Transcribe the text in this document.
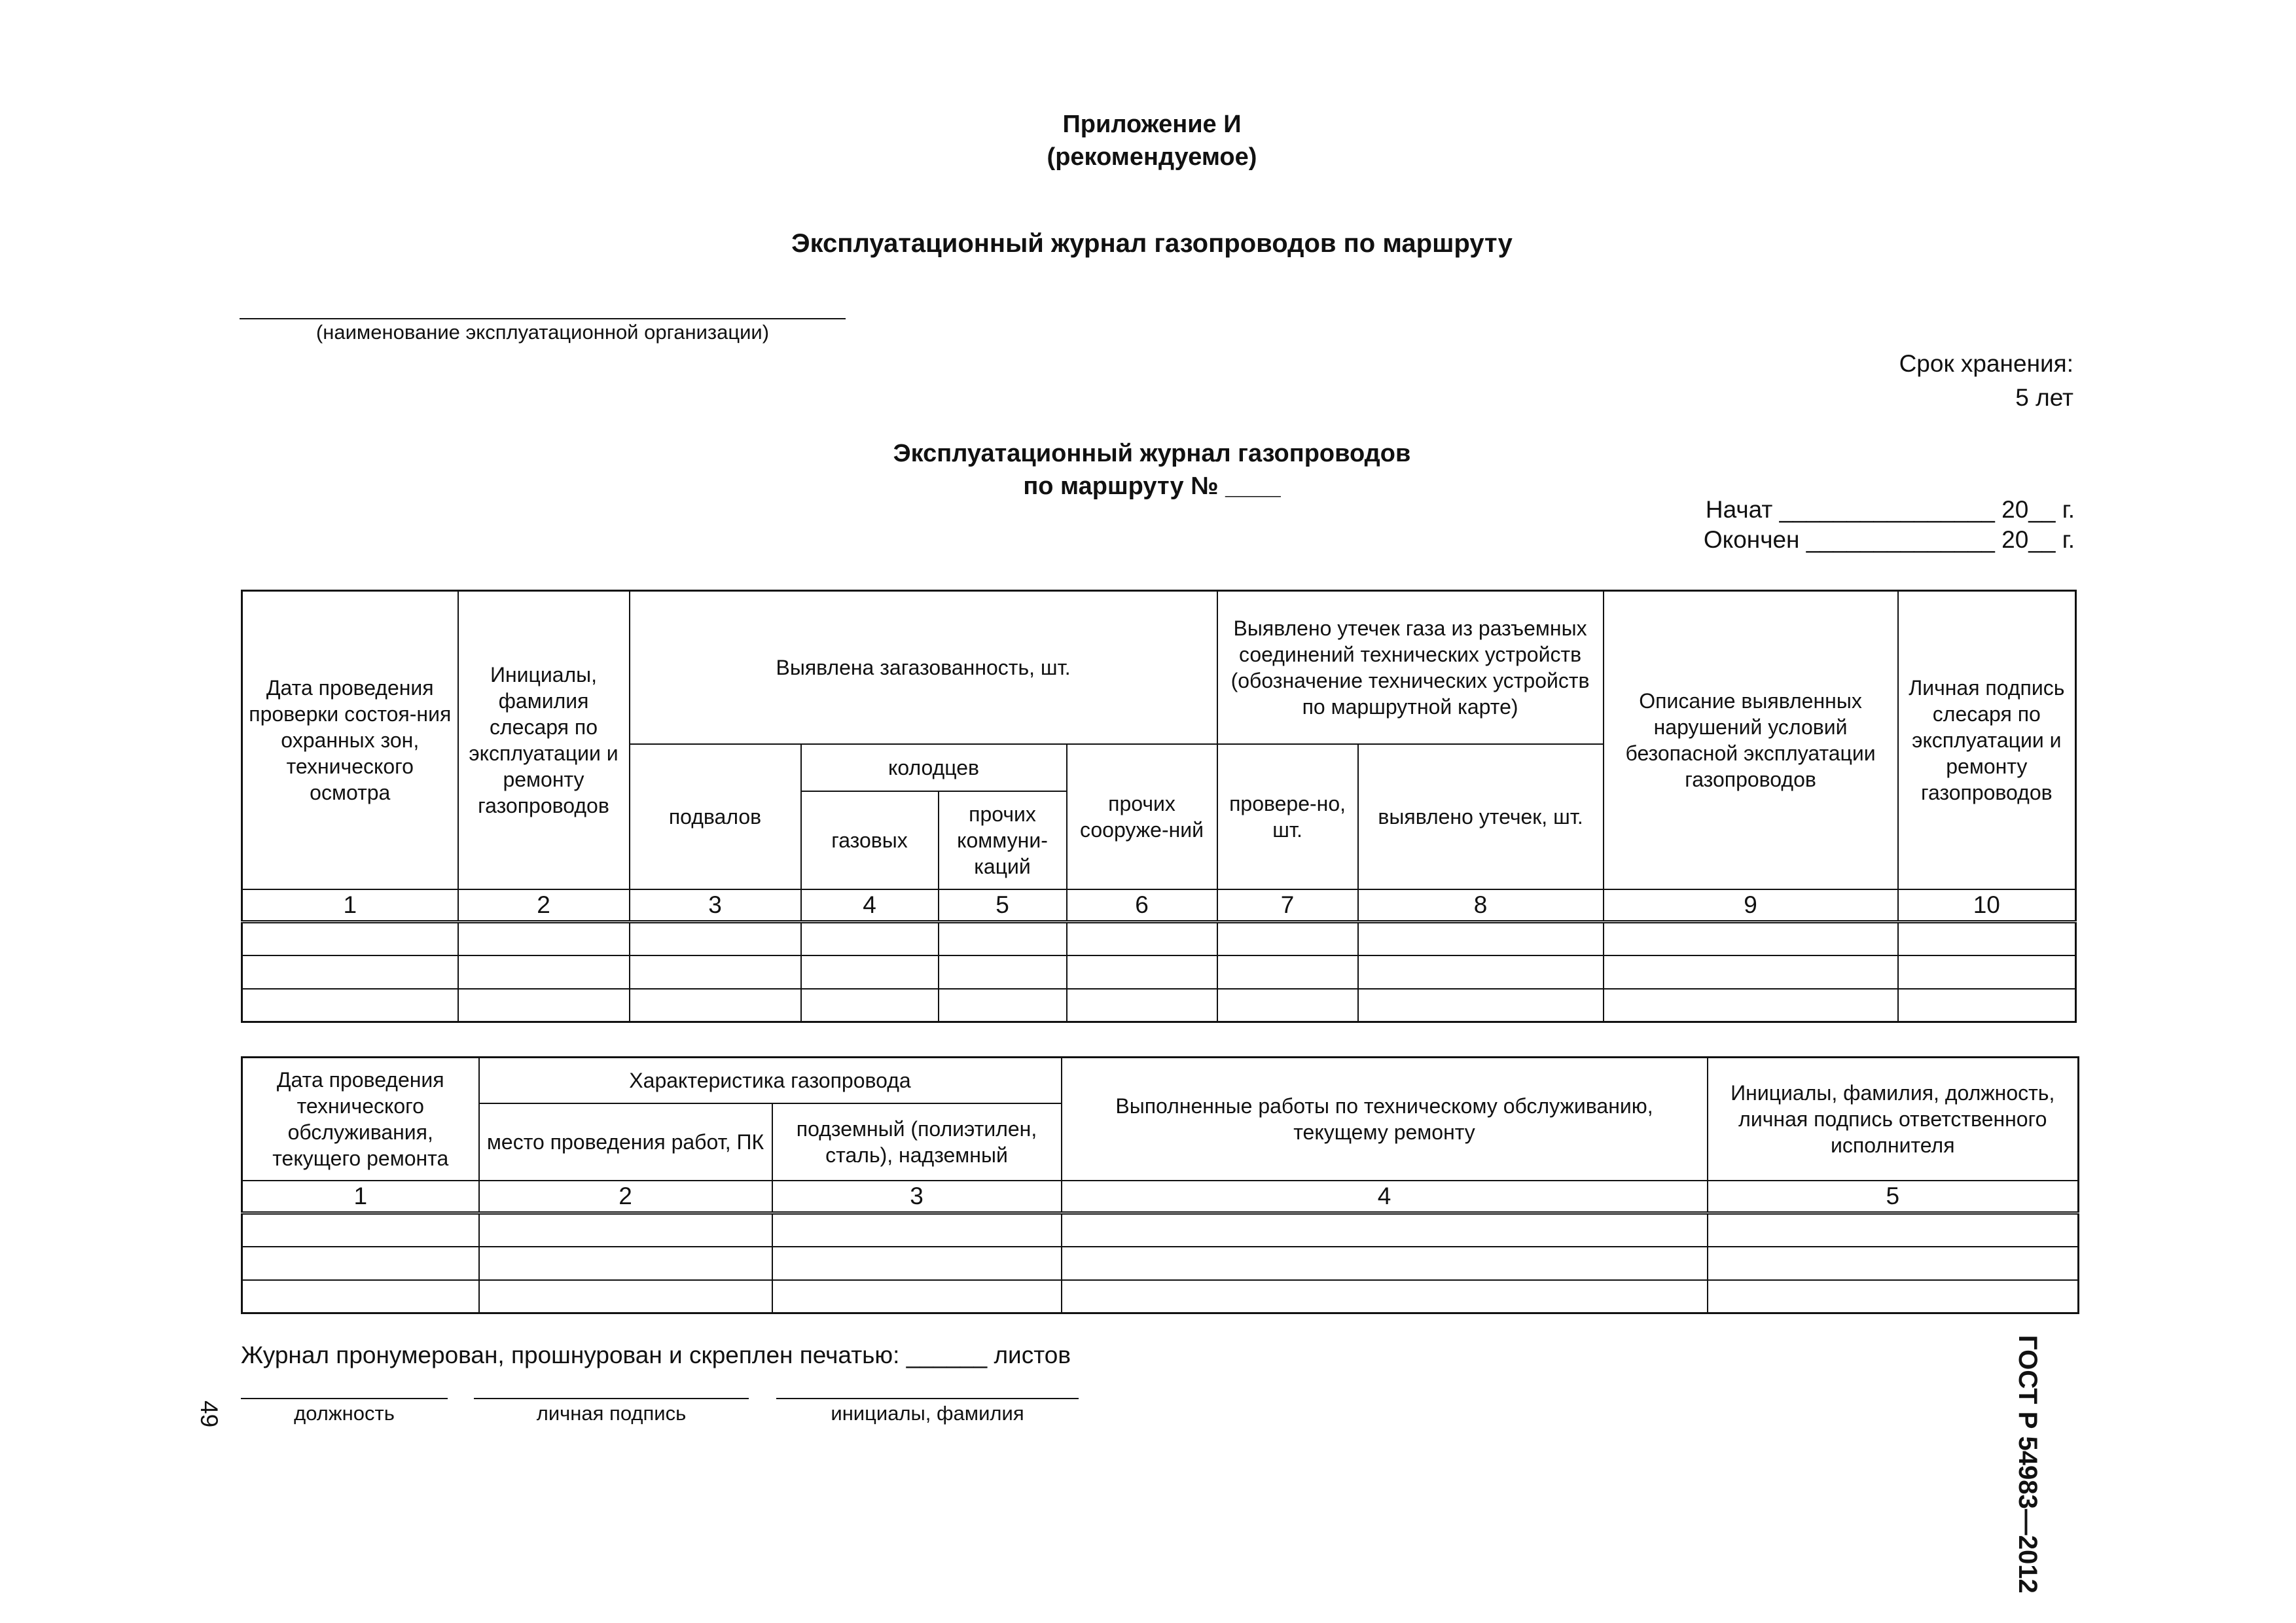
Приложение И
(рекомендуемое)
Эксплуатационный журнал газопроводов по маршруту
(наименование эксплуатационной организации)
Срок хранения:
5 лет
Эксплуатационный журнал газопроводов
по маршруту № ____
Начат ________________ 20__ г.
Окончен ______________ 20__ г.
Дата проведения проверки состоя-ния охранных зон, технического осмотра	Инициалы, фамилия слесаря по эксплуатации и ремонту газопроводов	Выявлена загазованность, шт.				Выявлено утечек газа из разъемных соединений технических устройств (обозначение технических устройств по маршрутной карте)		Описание выявленных нарушений условий безопасной эксплуатации газопроводов	Личная подпись слесаря по эксплуатации и ремонту газопроводов
		подвалов	колодцев		прочих сооруже-ний	провере-но, шт.	выявлено утечек, шт.		
			газовых	прочих коммуни-каций					
1	2	3	4	5	6	7	8	9	10

Дата проведения технического обслуживания, текущего ремонта	Характеристика газопровода		Выполненные работы по техническому обслуживанию, текущему ремонту	Инициалы, фамилия, должность, личная подпись ответственного исполнителя
	место проведения работ, ПК	подземный (полиэтилен, сталь), надземный		
1	2	3	4	5

Журнал пронумерован, прошнурован и скреплен печатью: ______ листов
должность	личная подпись	инициалы, фамилия	ГОСТ Р 54983—2012
49
